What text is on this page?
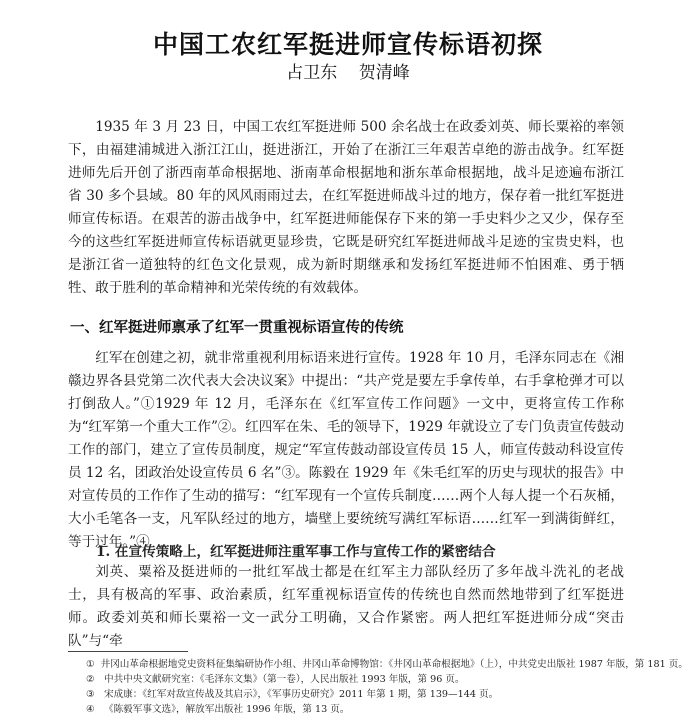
中国工农红军挺进师宣传标语初探
占卫东 贺清峰

1935 年 3 月 23 日，中国工农红军挺进师 500 余名战士在政委刘英、师长粟裕的率领下，由福建浦城进入浙江江山，挺进浙江，开始了在浙江三年艰苦卓绝的游击战争。红军挺进师先后开创了浙西南革命根据地、浙南革命根据地和浙东革命根据地，战斗足迹遍布浙江省 30 多个县域。80 年的风风雨雨过去，在红军挺进师战斗过的地方，保存着一批红军挺进师宣传标语。在艰苦的游击战争中，红军挺进师能保存下来的第一手史料少之又少，保存至今的这些红军挺进师宣传标语就更显珍贵，它既是研究红军挺进师战斗足迹的宝贵史料，也是浙江省一道独特的红色文化景观，成为新时期继承和发扬红军挺进师不怕困难、勇于牺牲、敢于胜利的革命精神和光荣传统的有效载体。

一、红军挺进师禀承了红军一贯重视标语宣传的传统

红军在创建之初，就非常重视利用标语来进行宣传。1928 年 10 月，毛泽东同志在《湘赣边界各县党第二次代表大会决议案》中提出：“共产党是要左手拿传单，右手拿枪弹才可以打倒敌人。”①1929 年 12 月，毛泽东在《红军宣传工作问题》一文中，更将宣传工作称为“红军第一个重大工作”②。红四军在朱、毛的领导下，1929 年就设立了专门负责宣传鼓动工作的部门，建立了宣传员制度，规定“军宣传鼓动部设宣传员 15 人，师宣传鼓动科设宣传员 12 名，团政治处设宣传员 6 名”③。陈毅在 1929 年《朱毛红军的历史与现状的报告》中对宣传员的工作作了生动的描写：“红军现有一个宣传兵制度……两个人每人提一个石灰桶，大小毛笔各一支，凡军队经过的地方，墙壁上要统统写满红军标语……红军一到满街鲜红，等于过年。”④

1. 在宣传策略上，红军挺进师注重军事工作与宣传工作的紧密结合

刘英、粟裕及挺进师的一批红军战士都是在红军主力部队经历了多年战斗洗礼的老战士，具有极高的军事、政治素质，红军重视标语宣传的传统也自然而然地带到了红军挺进师。政委刘英和师长粟裕一文一武分工明确，又合作紧密。两人把红军挺进师分成“突击队”与“牵

① 井冈山革命根据地党史资料征集编研协作小组、井冈山革命博物馆：《井冈山革命根据地》（上），中共党史出版社 1987 年版，第 181 页。
② 中共中央文献研究室：《毛泽东文集》（第一卷），人民出版社 1993 年版，第 96 页。
③ 宋成康：《红军对敌宣传战及其启示》，《军事历史研究》2011 年第 1 期，第 139—144 页。
④ 《陈毅军事文选》，解放军出版社 1996 年版，第 13 页。
